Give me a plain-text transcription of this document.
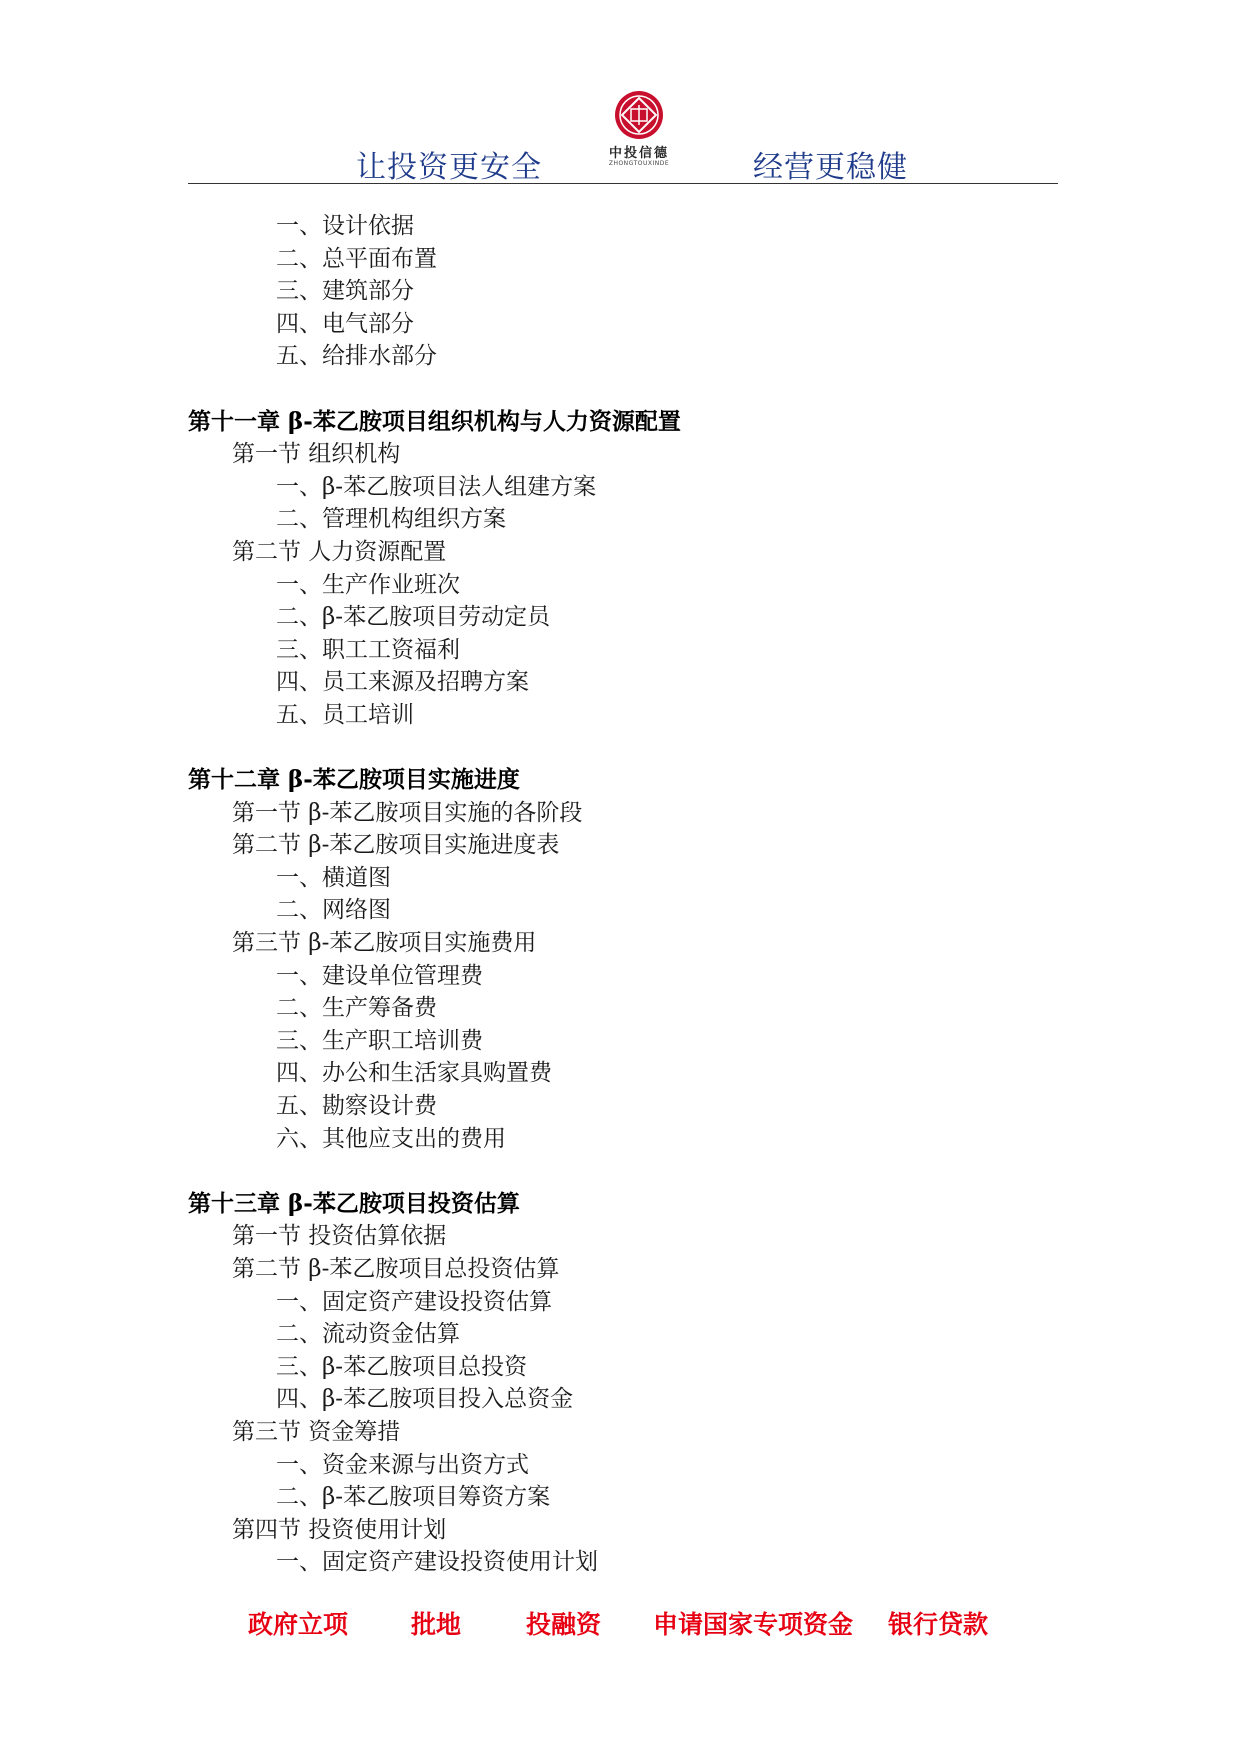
让投资更安全	中投信德
ZHONGTOUXINDE	经营更稳健
一、设计依据
二、总平面布置
三、建筑部分
四、电气部分
五、给排水部分
第十一章 β-苯乙胺项目组织机构与人力资源配置
第一节 组织机构
一、β-苯乙胺项目法人组建方案
二、管理机构组织方案
第二节 人力资源配置
一、生产作业班次
二、β-苯乙胺项目劳动定员
三、职工工资福利
四、员工来源及招聘方案
五、员工培训
第十二章 β-苯乙胺项目实施进度
第一节 β-苯乙胺项目实施的各阶段
第二节 β-苯乙胺项目实施进度表
一、横道图
二、网络图
第三节 β-苯乙胺项目实施费用
一、建设单位管理费
二、生产筹备费
三、生产职工培训费
四、办公和生活家具购置费
五、勘察设计费
六、其他应支出的费用
第十三章 β-苯乙胺项目投资估算
第一节 投资估算依据
第二节 β-苯乙胺项目总投资估算
一、固定资产建设投资估算
二、流动资金估算
三、β-苯乙胺项目总投资
四、β-苯乙胺项目投入总资金
第三节 资金筹措
一、资金来源与出资方式
二、β-苯乙胺项目筹资方案
第四节 投资使用计划
一、固定资产建设投资使用计划
政府立项	批地	投融资 申请国家专项资金 银行贷款
